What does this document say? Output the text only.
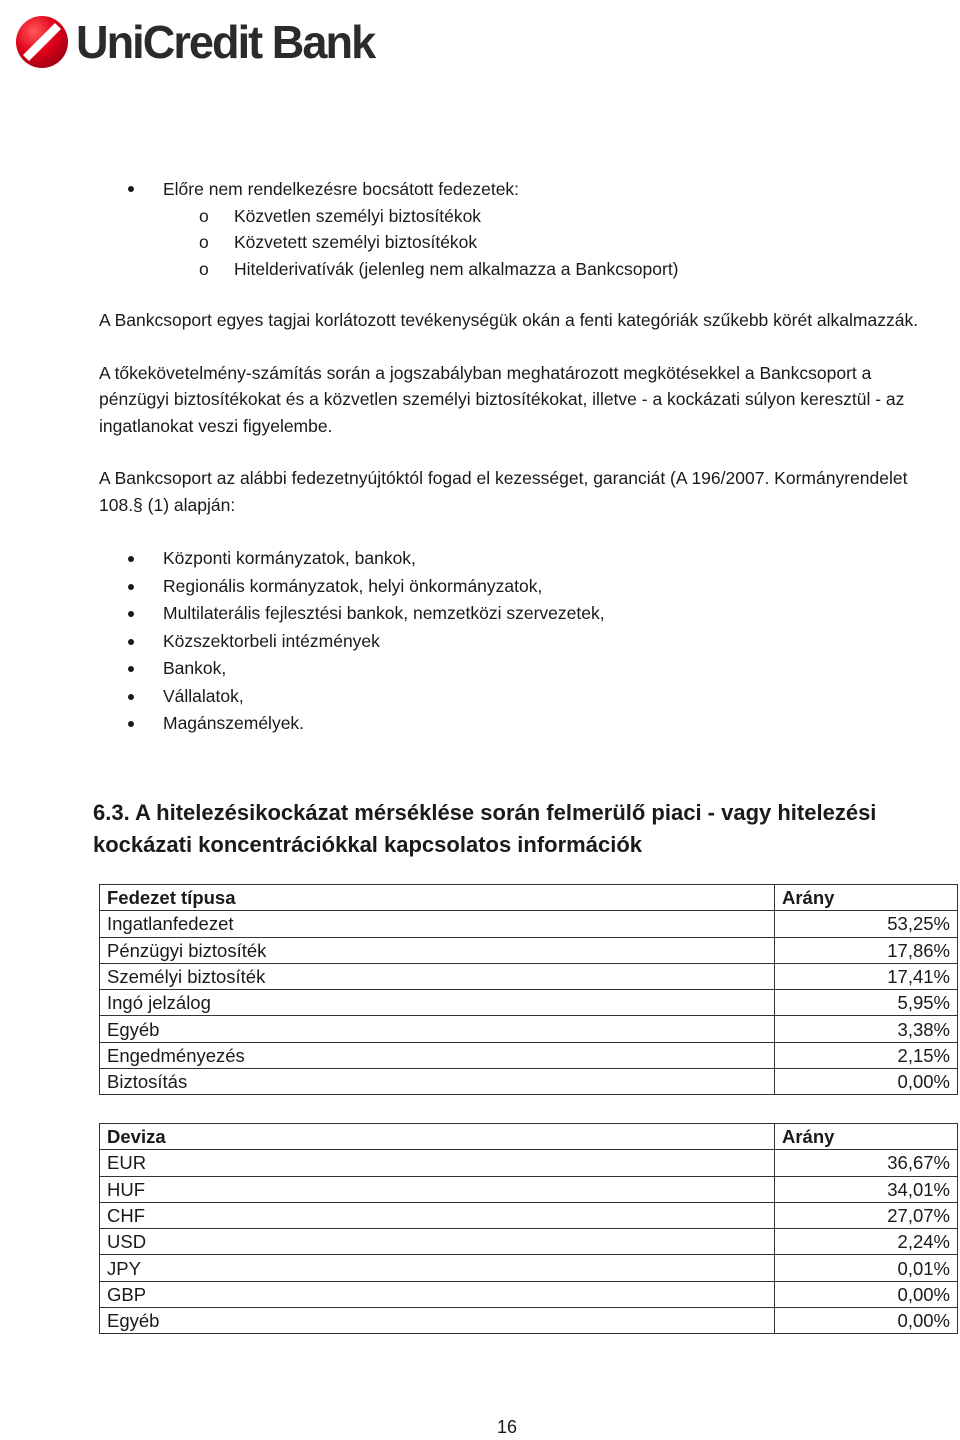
UniCredit Bank
Előre nem rendelkezésre bocsátott fedezetek:
o Közvetlen személyi biztosítékok
o Közvetett személyi biztosítékok
o Hitelderivatívák (jelenleg nem alkalmazza a Bankcsoport)

A Bankcsoport egyes tagjai korlátozott tevékenységük okán a fenti kategóriák szűkebb körét alkalmazzák.

A tőkekövetelmény-számítás során a jogszabályban meghatározott megkötésekkel a Bankcsoport a pénzügyi biztosítékokat és a közvetlen személyi biztosítékokat, illetve - a kockázati súlyon keresztül - az ingatlanokat veszi figyelembe.

A Bankcsoport az alábbi fedezetnyújtóktól fogad el kezességet, garanciát (A 196/2007. Kormányrendelet 108.§ (1) alapján:

Központi kormányzatok, bankok,
Regionális kormányzatok, helyi önkormányzatok,
Multilaterális fejlesztési bankok, nemzetközi szervezetek,
Közszektorbeli intézmények
Bankok,
Vállalatok,
Magánszemélyek.
6.3. A hitelezésikockázat mérséklése során felmerülő piaci - vagy hitelezési kockázati koncentrációkkal kapcsolatos információk
Fedezet típusa	Arány
Ingatlanfedezet	53,25%
Pénzügyi biztosíték	17,86%
Személyi biztosíték	17,41%
Ingó jelzálog	5,95%
Egyéb	3,38%
Engedményezés	2,15%
Biztosítás	0,00%
Deviza	Arány
EUR	36,67%
HUF	34,01%
CHF	27,07%
USD	2,24%
JPY	0,01%
GBP	0,00%
Egyéb	0,00%
16
